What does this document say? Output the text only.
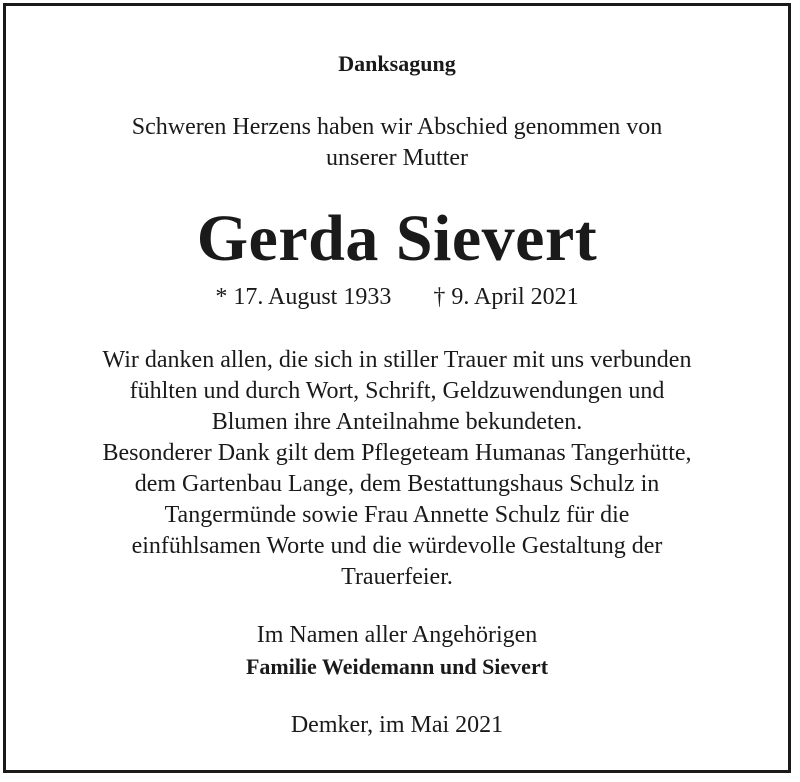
Danksagung
Schweren Herzens haben wir Abschied genommen von
unserer Mutter
Gerda Sievert
* 17. August 1933 † 9. April 2021
Wir danken allen, die sich in stiller Trauer mit uns verbunden
fühlten und durch Wort, Schrift, Geldzuwendungen und
Blumen ihre Anteilnahme bekundeten.
Besonderer Dank gilt dem Pflegeteam Humanas Tangerhütte,
dem Gartenbau Lange, dem Bestattungshaus Schulz in
Tangermünde sowie Frau Annette Schulz für die
einfühlsamen Worte und die würdevolle Gestaltung der
Trauerfeier.
Im Namen aller Angehörigen
Familie Weidemann und Sievert
Demker, im Mai 2021
